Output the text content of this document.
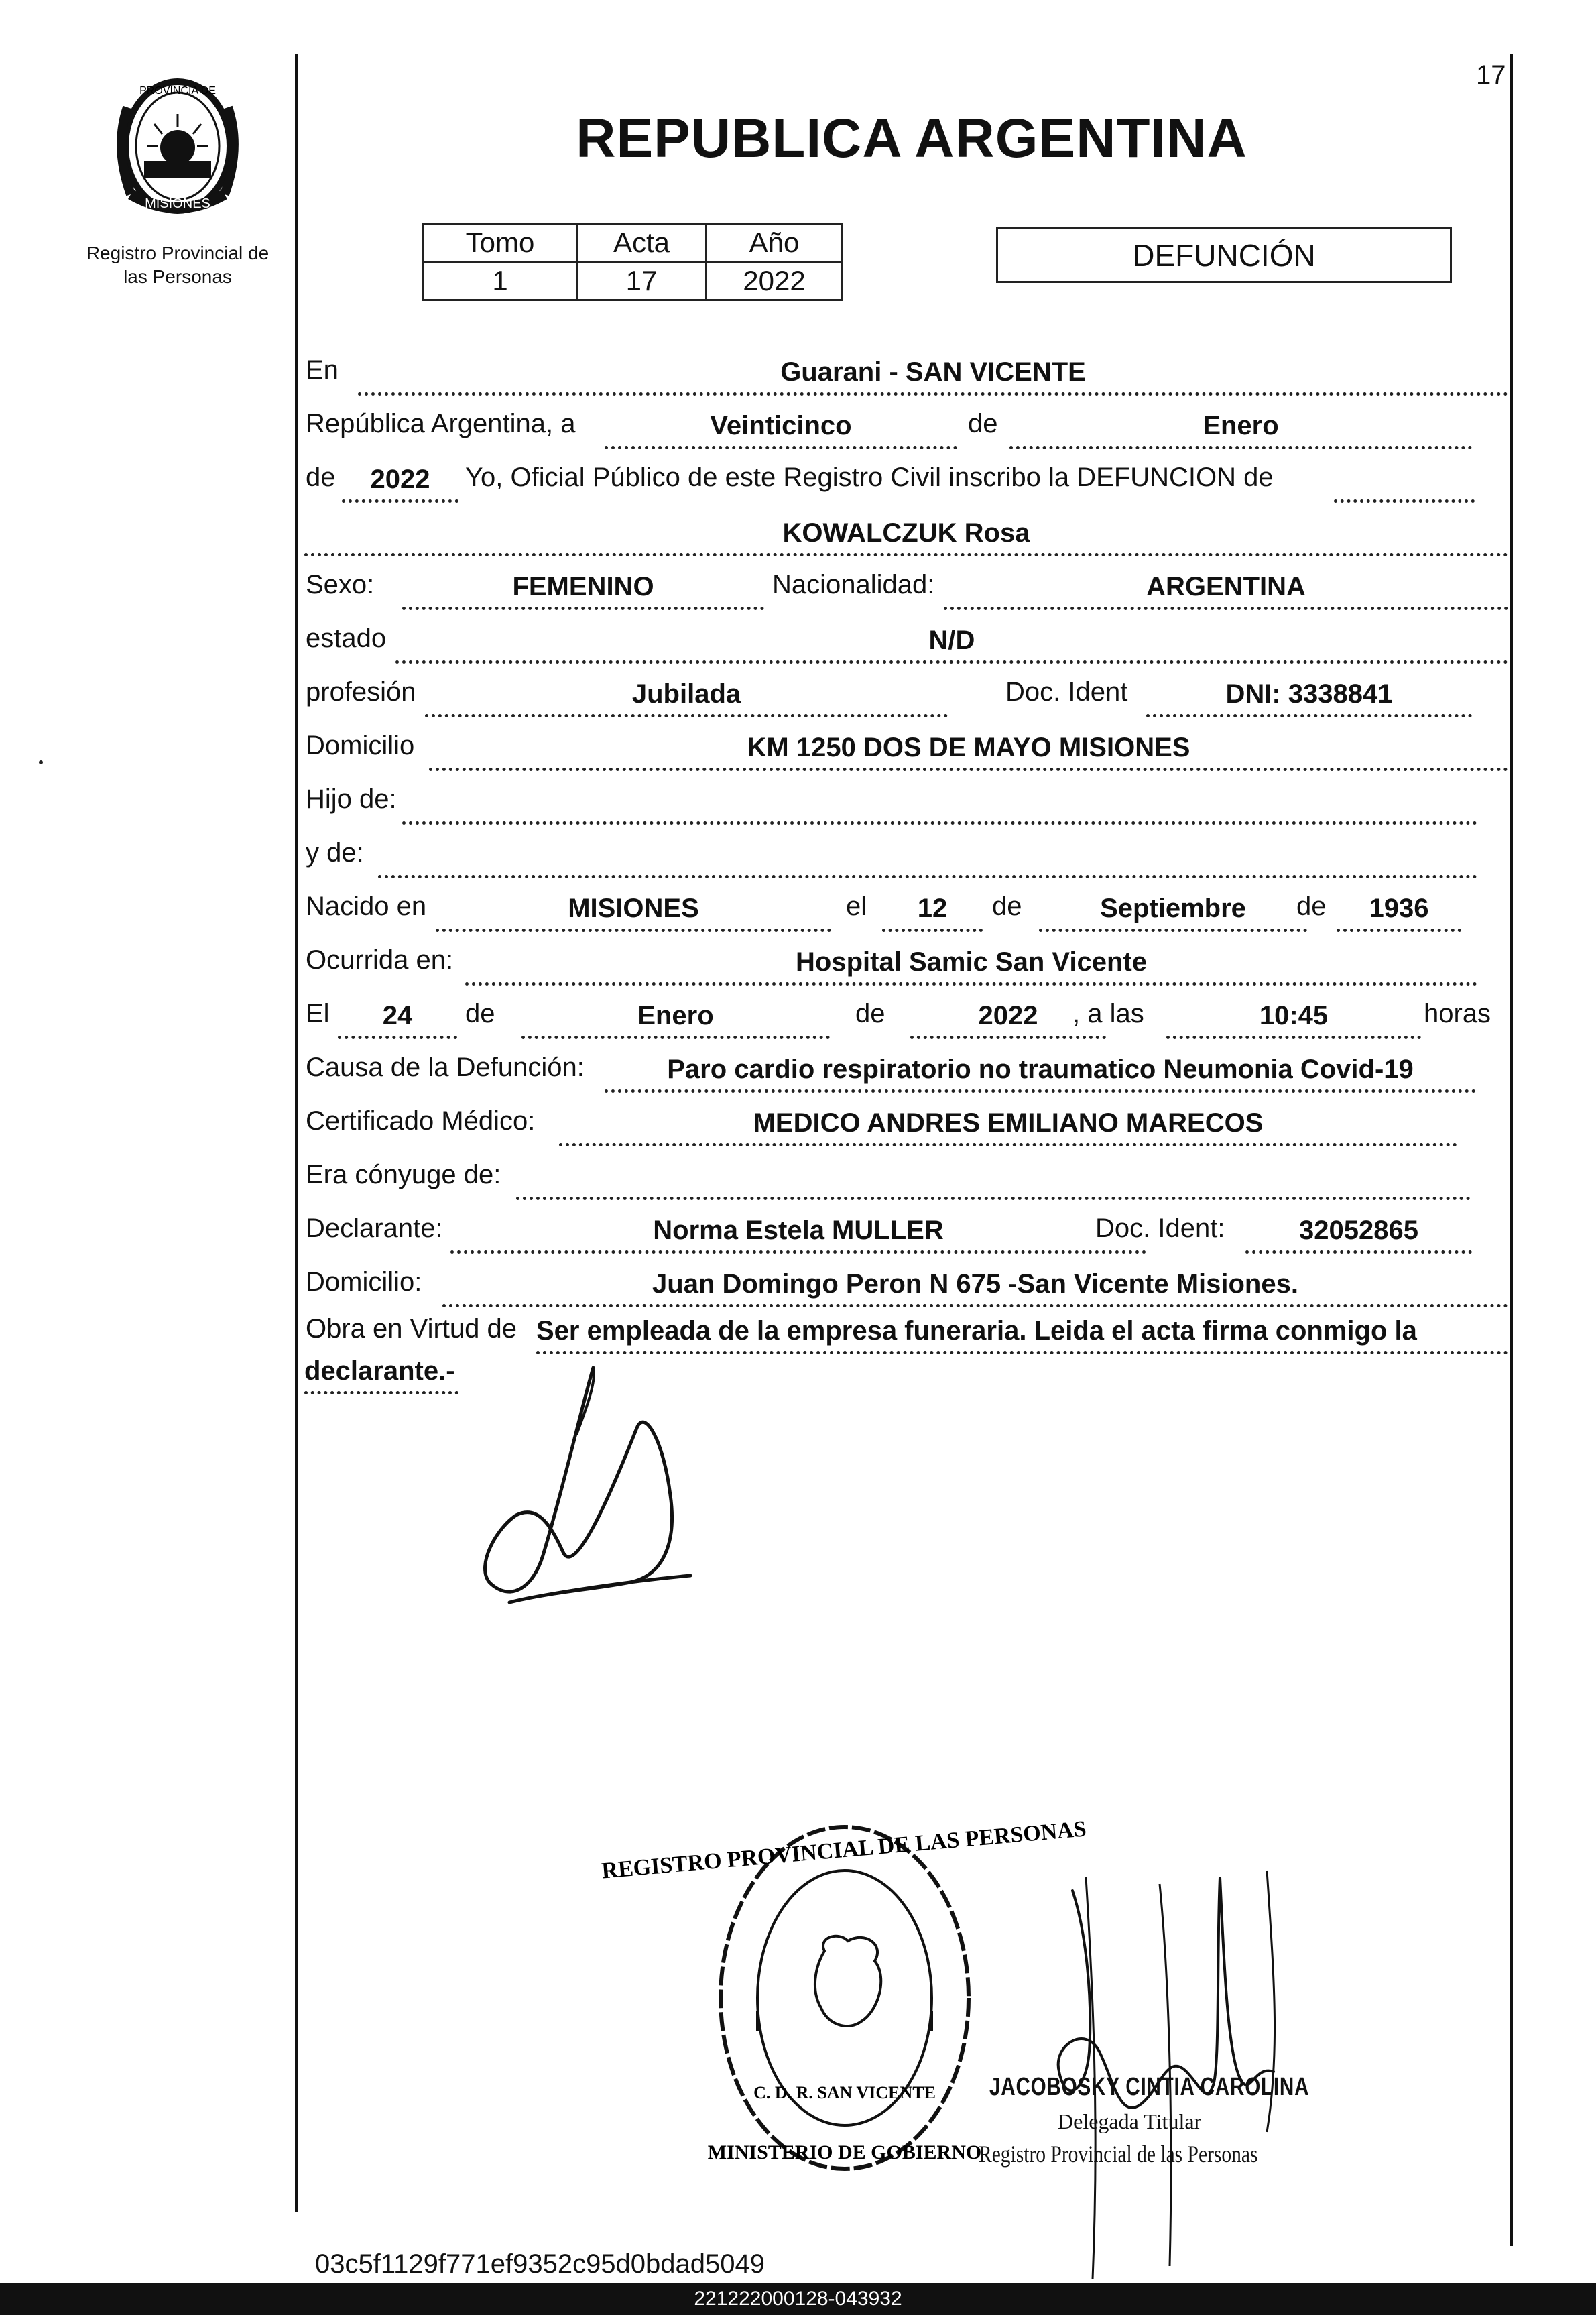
17
PROVINCIA DE
MISIONES
Registro Provincial de
las Personas
REPUBLICA ARGENTINA
Tomo	Acta	Año
1	17	2022
DEFUNCIÓN
En	Guarani - SAN VICENTE
República Argentina, a	Veinticinco	de	Enero
de	2022	Yo, Oficial Público de este Registro Civil inscribo la DEFUNCION de
KOWALCZUK Rosa
Sexo:	FEMENINO	Nacionalidad:	ARGENTINA
estado	N/D
profesión	Jubilada	Doc. Ident	DNI: 3338841
Domicilio	KM 1250 DOS DE MAYO MISIONES
Hijo de:
y de:
Nacido en	MISIONES	el	12	de	Septiembre	de	1936
Ocurrida en:	Hospital Samic San Vicente
El	24	de	Enero	de	2022	, a las	10:45	horas
Causa de la Defunción:	Paro cardio respiratorio no traumatico Neumonia Covid-19
Certificado Médico:	MEDICO ANDRES EMILIANO MARECOS
Era cónyuge de:
Declarante:	Norma Estela MULLER	Doc. Ident:	32052865
Domicilio:	Juan Domingo Peron N 675 -San Vicente Misiones.
Obra en Virtud de Ser empleada de la empresa funeraria. Leida el acta firma conmigo la
declarante.-
REGISTRO PROVINCIAL DE LAS PERSONAS
MINISTERIO DE GOBIERNO
C. D. R. SAN VICENTE JACOBOSKY CINTIA CAROLINA
Delegada Titular
Registro Provincial de las Personas
03c5f1129f771ef9352c95d0bdad5049
221222000128-043932
